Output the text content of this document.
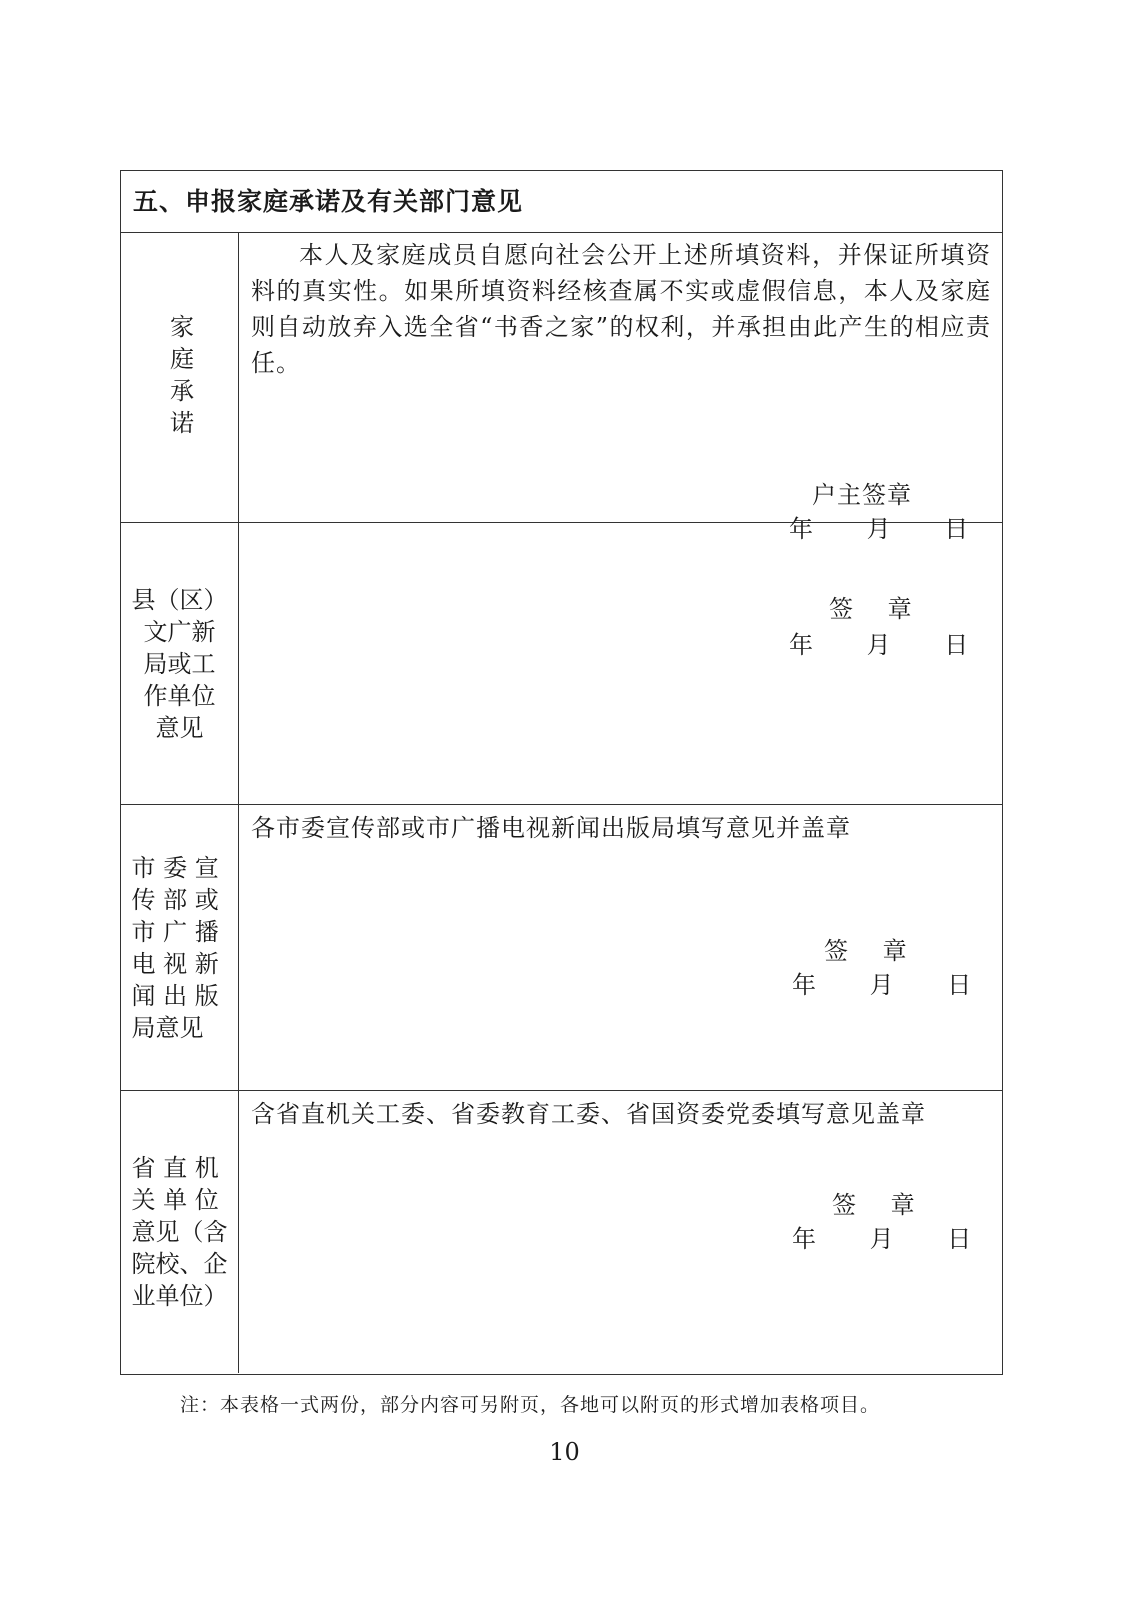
五、申报家庭承诺及有关部门意见
家庭承诺
本人及家庭成员自愿向社会公开上述所填资料，并保证所填资料的真实性。如果所填资料经核查属不实或虚假信息，本人及家庭则自动放弃入选全省“书香之家”的权利，并承担由此产生的相应责任。
户主签章
年 月 日
县（区）
文广新
局或工
作单位
意见
签　 章
年 月 日
市 委 宣
传 部 或
市 广 播
电 视 新
闻 出 版
局意见
各市委宣传部或市广播电视新闻出版局填写意见并盖章
签　 章
年 月 日
省 直 机
关 单 位
意见（含
院校、企
业单位）
含省直机关工委、省委教育工委、省国资委党委填写意见盖章
签　 章
年 月 日
注：本表格一式两份，部分内容可另附页，各地可以附页的形式增加表格项目。
10
